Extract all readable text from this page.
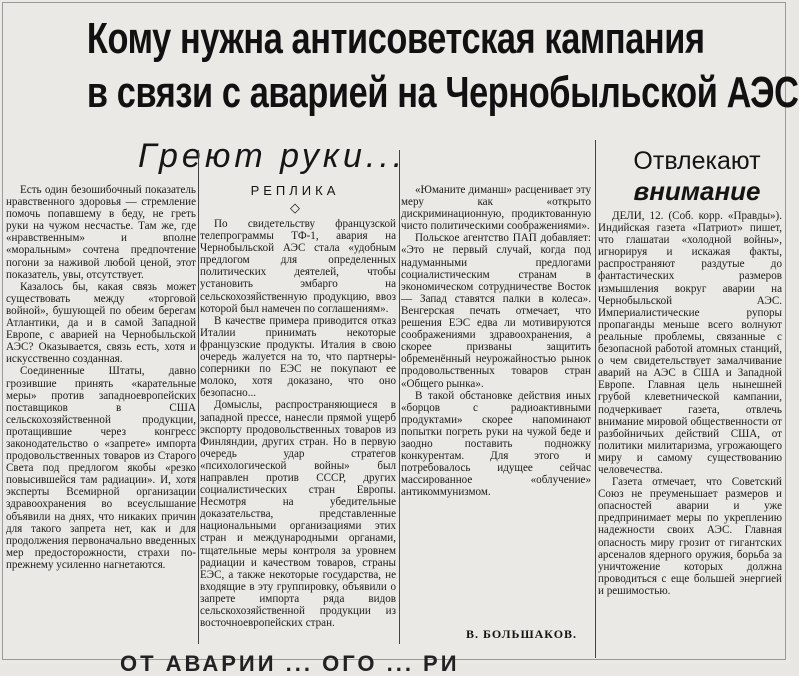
Кому нужна антисоветская кампания
в связи с аварией на Чернобыльской АЭС
Греют руки...
РЕПЛИКА
◇
Отвлекают
внимание

Есть один безошибочный показатель нравственного здоровья — стремление помочь попавшему в беду, не греть руки на чужом несчастье. Там же, где «нравственным» и вполне «моральным» сочтена предпочтение погони за наживой любой ценой, этот показатель, увы, отсутствует.

Казалось бы, какая связь может существовать между «торговой войной», бушующей по обеим берегам Атлантики, да и в самой Западной Европе, с аварией на Чернобыльской АЭС? Оказывается, связь есть, хотя и искусственно созданная.

Соединенные Штаты, давно грозившие принять «карательные меры» против западноевропейских поставщиков в США сельскохозяйственной продукции, протащившие через конгресс законодательство о «запрете» импорта продовольственных товаров из Старого Света под предлогом якобы «резко повысившейся там радиации». И, хотя эксперты Всемирной организации здравоохранения во всеуслышание объявили на днях, что никаких причин для такого запрета нет, как и для продолжения первоначально введенных мер предосторожности, страхи по-прежнему усиленно нагнетаются.

По свидетельству французской телепрограммы ТФ-1, авария на Чернобыльской АЭС стала «удобным предлогом для определенных политических деятелей, чтобы установить эмбарго на сельскохозяйственную продукцию, ввоз которой был намечен по соглашениям».

В качестве примера приводится отказ Италии принимать некоторые французские продукты. Италия в свою очередь жалуется на то, что партнеры-соперники по ЕЭС не покупают ее молоко, хотя доказано, что оно безопасно...

Домыслы, распространяющиеся в западной прессе, нанесли прямой ущерб экспорту продовольственных товаров из Финляндии, других стран. Но в первую очередь удар стратегов «психологической войны» был направлен против СССР, других социалистических стран Европы. Несмотря на убедительные доказательства, представленные национальными организациями этих стран и международными органами, тщательные меры контроля за уровнем радиации и качеством товаров, страны ЕЭС, а также некоторые государства, не входящие в эту группировку, объявили о запрете импорта ряда видов сельскохозяйственной продукции из восточноевропейских стран.

«Юманите диманш» расценивает эту меру как «открыто дискриминационную, продиктованную чисто политическими соображениями».

Польское агентство ПАП добавляет: «Это не первый случай, когда под надуманными предлогами социалистическим странам в экономическом сотрудничестве Восток — Запад ставятся палки в колеса». Венгерская печать отмечает, что решения ЕЭС едва ли мотивируются соображениями здравоохранения, а скорее призваны защитить обременённый неурожайностью рынок продовольственных товаров стран «Общего рынка».

В такой обстановке действия иных «борцов с радиоактивными продуктами» скорее напоминают попытки погреть руки на чужой беде и заодно поставить подножку конкурентам. Для этого и потребовалось идущее сейчас массированное «облучение» антикоммунизмом.

В. БОЛЬШАКОВ.

ДЕЛИ, 12. (Соб. корр. «Правды»). Индийская газета «Патриот» пишет, что глашатаи «холодной войны», игнорируя и искажая факты, распространяют раздутые до фантастических размеров измышления вокруг аварии на Чернобыльской АЭС. Империалистические рупоры пропаганды меньше всего волнуют реальные проблемы, связанные с безопасной работой атомных станций, о чем свидетельствует замалчивание аварий на АЭС в США и Западной Европе. Главная цель нынешней грубой клеветнической кампании, подчеркивает газета, отвлечь внимание мировой общественности от разбойничьих действий США, от политики милитаризма, угрожающего миру и самому существованию человечества.

Газета отмечает, что Советский Союз не преуменьшает размеров и опасностей аварии и уже предпринимает меры по укреплению надежности своих АЭС. Главная опасность миру грозит от гигантских арсеналов ядерного оружия, борьба за уничтожение которых должна проводиться с еще большей энергией и решимостью.

ОТ АВАРИИ ... ОГО ... РИ
